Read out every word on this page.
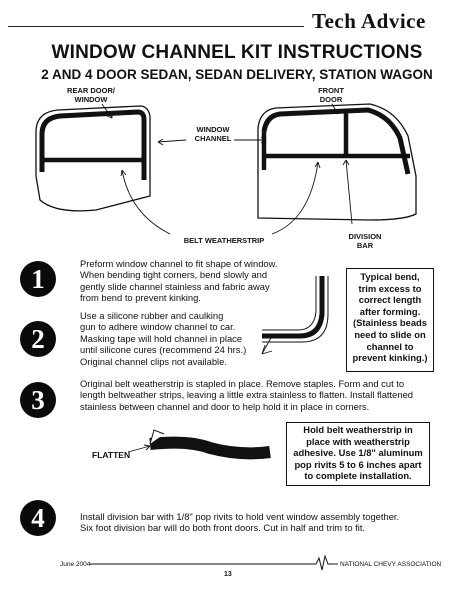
Tech Advice
WINDOW CHANNEL KIT INSTRUCTIONS
2 AND 4 DOOR SEDAN, SEDAN DELIVERY, STATION WAGON
REAR DOOR/
WINDOW
FRONT
DOOR
WINDOW
CHANNEL
BELT WEATHERSTRIP	DIVISION
BAR
1
Preform window channel to fit shape of window.
When bending tight corners, bend slowly and
gently slide channel stainless and fabric away
from bend to prevent kinking.
2
Use a silicone rubber and caulking
gun to adhere window channel to car.
Masking tape will hold channel in place
until silicone cures (recommend 24 hrs.)
Original channel clips not available.
Typical bend,
trim excess to
correct length
after forming.
(Stainless beads
need to slide on
channel to
prevent kinking.)
3
Original belt weatherstrip is stapled in place. Remove staples. Form and cut to
length beltweather strips, leaving a little extra stainless to flatten. Install flattened
stainless between channel and door to help hold it in place in corners.
FLATTEN
Hold belt weatherstrip in
place with weatherstrip
adhesive. Use 1/8" aluminum
pop rivits 5 to 6 inches apart
to complete installation.
4	Install division bar with 1/8" pop rivits to hold vent window assembly together.
Six foot division bar will do both front doors. Cut in half and trim to fit.
June 2004	NATIONAL CHEVY ASSOCIATION
13
